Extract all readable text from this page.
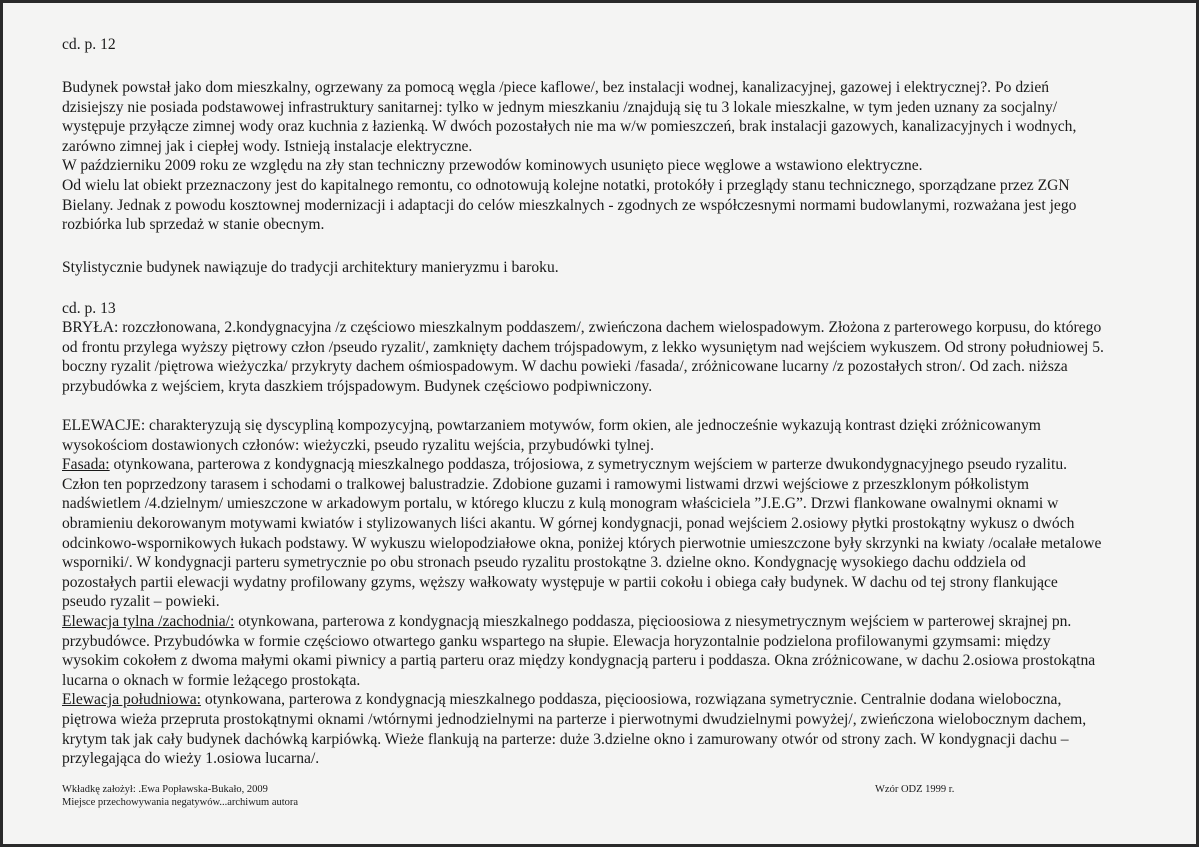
cd. p. 12

Budynek powstał jako dom mieszkalny, ogrzewany za pomocą węgla /piece kaflowe/, bez instalacji wodnej, kanalizacyjnej, gazowej i elektrycznej?. Po dzień

dzisiejszy nie posiada podstawowej infrastruktury sanitarnej: tylko w jednym mieszkaniu /znajdują się tu 3 lokale mieszkalne, w tym jeden uznany za socjalny/

występuje przyłącze zimnej wody oraz kuchnia z łazienką. W dwóch pozostałych nie ma w/w pomieszczeń, brak instalacji gazowych, kanalizacyjnych i wodnych,

zarówno zimnej jak i ciepłej wody. Istnieją instalacje elektryczne.

W październiku 2009 roku ze względu na zły stan techniczny przewodów kominowych usunięto piece węglowe a wstawiono elektryczne.

Od wielu lat obiekt przeznaczony jest do kapitalnego remontu, co odnotowują kolejne notatki, protokóły i przeglądy stanu technicznego, sporządzane przez ZGN

Bielany. Jednak z powodu kosztownej modernizacji i adaptacji do celów mieszkalnych - zgodnych ze współczesnymi normami budowlanymi, rozważana jest jego

rozbiórka lub sprzedaż w stanie obecnym.

Stylistycznie budynek nawiązuje do tradycji architektury manieryzmu i baroku.

cd. p. 13

BRYŁA: rozczłonowana, 2.kondygnacyjna /z częściowo mieszkalnym poddaszem/, zwieńczona dachem wielospadowym. Złożona z parterowego korpusu, do którego

od frontu przylega wyższy piętrowy człon /pseudo ryzalit/, zamknięty dachem trójspadowym, z lekko wysuniętym nad wejściem wykuszem. Od strony południowej 5.

boczny ryzalit /piętrowa wieżyczka/ przykryty dachem ośmiospadowym. W dachu powieki /fasada/, zróżnicowane lucarny /z pozostałych stron/. Od zach. niższa

przybudówka z wejściem, kryta daszkiem trójspadowym. Budynek częściowo podpiwniczony.

ELEWACJE: charakteryzują się dyscypliną kompozycyjną, powtarzaniem motywów, form okien, ale jednocześnie wykazują kontrast dzięki zróżnicowanym

wysokościom dostawionych członów: wieżyczki, pseudo ryzalitu wejścia, przybudówki tylnej.

Fasada: otynkowana, parterowa z kondygnacją mieszkalnego poddasza, trójosiowa, z symetrycznym wejściem w parterze dwukondygnacyjnego pseudo ryzalitu.

Człon ten poprzedzony tarasem i schodami o tralkowej balustradzie. Zdobione guzami i ramowymi listwami drzwi wejściowe z przeszklonym półkolistym

nadświetlem /4.dzielnym/ umieszczone w arkadowym portalu, w którego kluczu z kulą monogram właściciela ”J.E.G”. Drzwi flankowane owalnymi oknami w

obramieniu dekorowanym motywami kwiatów i stylizowanych liści akantu. W górnej kondygnacji, ponad wejściem 2.osiowy płytki prostokątny wykusz o dwóch

odcinkowo-wspornikowych łukach podstawy. W wykuszu wielopodziałowe okna, poniżej których pierwotnie umieszczone były skrzynki na kwiaty /ocalałe metalowe

wsporniki/. W kondygnacji parteru symetrycznie po obu stronach pseudo ryzalitu prostokątne 3. dzielne okno. Kondygnację wysokiego dachu oddziela od

pozostałych partii elewacji wydatny profilowany gzyms, węższy wałkowaty występuje w partii cokołu i obiega cały budynek. W dachu od tej strony flankujące

pseudo ryzalit – powieki.

Elewacja tylna /zachodnia/: otynkowana, parterowa z kondygnacją mieszkalnego poddasza, pięcioosiowa z niesymetrycznym wejściem w parterowej skrajnej pn.

przybudówce. Przybudówka w formie częściowo otwartego ganku wspartego na słupie. Elewacja horyzontalnie podzielona profilowanymi gzymsami: między

wysokim cokołem z dwoma małymi okami piwnicy a partią parteru oraz między kondygnacją parteru i poddasza. Okna zróżnicowane, w dachu 2.osiowa prostokątna

lucarna o oknach w formie leżącego prostokąta.

Elewacja południowa: otynkowana, parterowa z kondygnacją mieszkalnego poddasza, pięcioosiowa, rozwiązana symetrycznie. Centralnie dodana wieloboczna,

piętrowa wieża przepruta prostokątnymi oknami /wtórnymi jednodzielnymi na parterze i pierwotnymi dwudzielnymi powyżej/, zwieńczona wielobocznym dachem,

krytym tak jak cały budynek dachówką karpiówką. Wieże flankują na parterze: duże 3.dzielne okno i zamurowany otwór od strony zach. W kondygnacji dachu –

przylegająca do wieży 1.osiowa lucarna/.

Wkładkę założył: .Ewa Popławska-Bukało, 2009
Miejsce przechowywania negatywów...archiwum autora
Wzór ODZ 1999 r.
